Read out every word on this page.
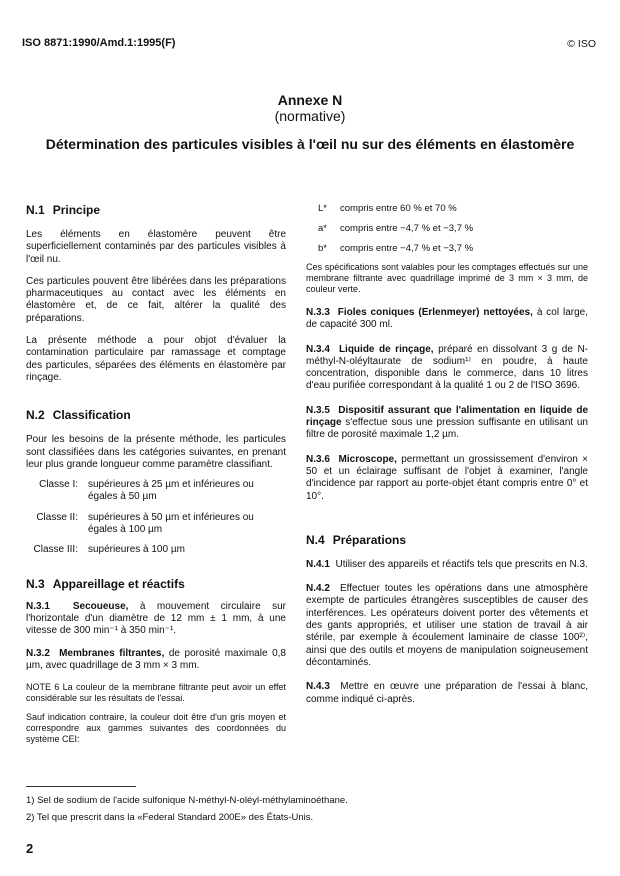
ISO 8871:1990/Amd.1:1995(F)	© ISO
Annexe N
(normative)
Détermination des particules visibles à l'œil nu sur des éléments en élastomère
N.1 Principe

Les éléments en élastomère peuvent être superficiellement contaminés par des particules visibles à l'œil nu.

Ces particules pouvent être libérées dans les préparations pharmaceutiques au contact avec les éléments en élastomère et, de ce fait, altérer la qualité des préparations.

La présente méthode a pour objot d'évaluer la contamination particulaire par ramassage et comptage des particules, séparées des éléments en élastomère par rinçage.

N.2 Classification

Pour les besoins de la présente méthode, les particules sont classifiées dans les catégories suivantes, en prenant leur plus grande longueur comme paramètre classifiant.

Classe I:	supérieures à 25 µm et inférieures ou égales à 50 µm
Classe II:	supérieures à 50 µm et inférieures ou égales à 100 µm
Classe III:	supérieures à 100 µm
N.3 Appareillage et réactifs

N.3.1 Secoueuse, à mouvement circulaire sur l'horizontale d'un diamètre de 12 mm ± 1 mm, à une vitesse de 300 min⁻¹ à 350 min⁻¹.

N.3.2 Membranes filtrantes, de porosité maximale 0,8 µm, avec quadrillage de 3 mm × 3 mm.

NOTE 6 La couleur de la membrane filtrante peut avoir un effet considérable sur les résultats de l'essai.

Sauf indication contraire, la couleur doit être d'un gris moyen et correspondre aux gammes suivantes des coordonnées du système CEI:

L*	compris entre 60 % et 70 %
a*	compris entre −4,7 % et −3,7 %
b*	compris entre −4,7 % et −3,7 %

Ces spécifications sont valables pour les comptages effectués sur une membrane filtrante avec quadrillage imprimé de 3 mm × 3 mm, de couleur verte.

N.3.3 Fioles coniques (Erlenmeyer) nettoyées, à col large, de capacité 300 ml.

N.3.4 Liquide de rinçage, préparé en dissolvant 3 g de N-méthyl-N-oléyltaurate de sodium¹⁾ en poudre, à haute concentration, disponible dans le commerce, dans 10 litres d'eau purifiée correspondant à la qualité 1 ou 2 de l'ISO 3696.

N.3.5 Dispositif assurant que l'alimentation en liquide de rinçage s'effectue sous une pression suffisante en utilisant un filtre de porosité maximale 1,2 µm.

N.3.6 Microscope, permettant un grossissement d'environ × 50 et un éclairage suffisant de l'objet à examiner, l'angle d'incidence par rapport au porte-objet étant compris entre 0° et 10°.

N.4 Préparations

N.4.1 Utiliser des appareils et réactifs tels que prescrits en N.3.

N.4.2 Effectuer toutes les opérations dans une atmosphère exempte de particules étrangères susceptibles de causer des interférences. Les opérateurs doivent porter des vêtements et des gants appropriés, et utiliser une station de travail à air stérile, par exemple à écoulement laminaire de classe 100²⁾, ainsi que des outils et moyens de manipulation soigneusement décontaminés.

N.4.3 Mettre en œuvre une préparation de l'essai à blanc, comme indiqué ci-après.

1) Sel de sodium de l'acide sulfonique N-méthyl-N-oléyl-méthylaminoéthane.
2) Tel que prescrit dans la «Federal Standard 200E» des États-Unis.
2
